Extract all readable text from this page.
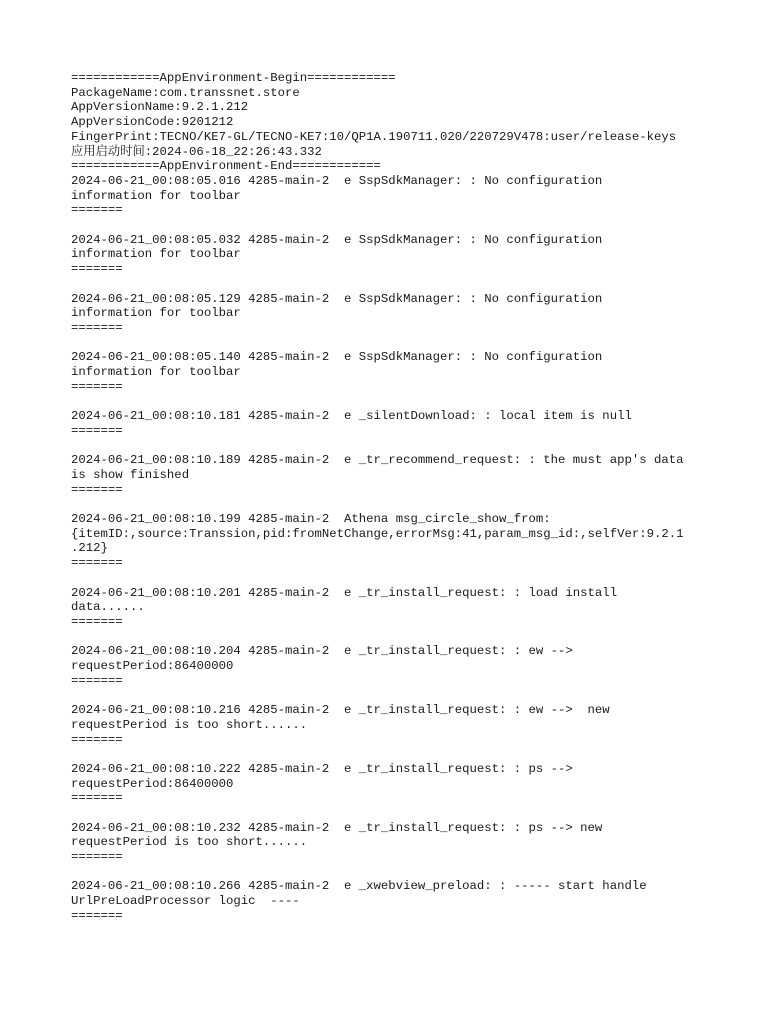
============AppEnvironment-Begin============
PackageName:com.transsnet.store
AppVersionName:9.2.1.212
AppVersionCode:9201212
FingerPrint:TECNO/KE7-GL/TECNO-KE7:10/QP1A.190711.020/220729V478:user/release-keys
应用启动时间:2024-06-18_22:26:43.332
============AppEnvironment-End============
2024-06-21_00:08:05.016 4285-main-2  e SspSdkManager: : No configuration
information for toolbar
=======
2024-06-21_00:08:05.032 4285-main-2  e SspSdkManager: : No configuration
information for toolbar
=======
2024-06-21_00:08:05.129 4285-main-2  e SspSdkManager: : No configuration
information for toolbar
=======
2024-06-21_00:08:05.140 4285-main-2  e SspSdkManager: : No configuration
information for toolbar
=======
2024-06-21_00:08:10.181 4285-main-2  e _silentDownload: : local item is null
=======
2024-06-21_00:08:10.189 4285-main-2  e _tr_recommend_request: : the must app's data
is show finished
=======
2024-06-21_00:08:10.199 4285-main-2  Athena msg_circle_show_from:
{itemID:,source:Transsion,pid:fromNetChange,errorMsg:41,param_msg_id:,selfVer:9.2.1
.212}
=======
2024-06-21_00:08:10.201 4285-main-2  e _tr_install_request: : load install
data......
=======
2024-06-21_00:08:10.204 4285-main-2  e _tr_install_request: : ew -->
requestPeriod:86400000
=======
2024-06-21_00:08:10.216 4285-main-2  e _tr_install_request: : ew -->  new
requestPeriod is too short......
=======
2024-06-21_00:08:10.222 4285-main-2  e _tr_install_request: : ps -->
requestPeriod:86400000
=======
2024-06-21_00:08:10.232 4285-main-2  e _tr_install_request: : ps --> new
requestPeriod is too short......
=======
2024-06-21_00:08:10.266 4285-main-2  e _xwebview_preload: : ----- start handle
UrlPreLoadProcessor logic  ----
=======
